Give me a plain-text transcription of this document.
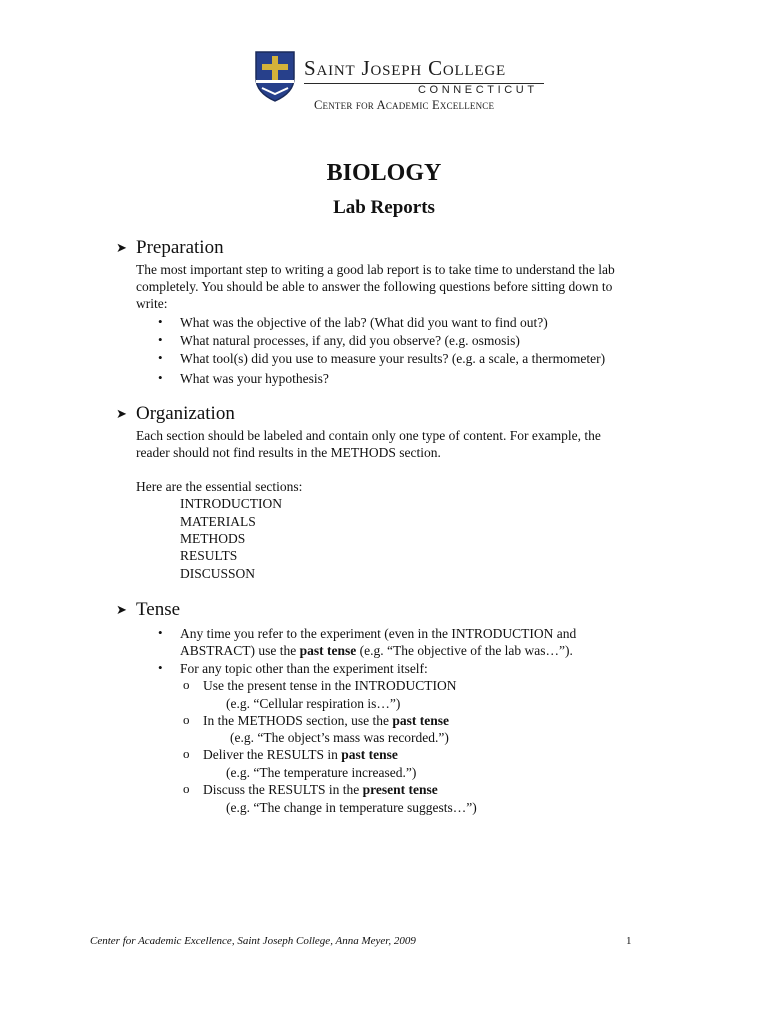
Saint Joseph College
CONNECTICUT
Center for Academic Excellence
BIOLOGY
Lab Reports
➤ Preparation
The most important step to writing a good lab report is to take time to understand the lab
completely. You should be able to answer the following questions before sitting down to
write:
• What was the objective of the lab? (What did you want to find out?)
• What natural processes, if any, did you observe? (e.g. osmosis)
• What tool(s) did you use to measure your results? (e.g. a scale, a thermometer)
• What was your hypothesis?
➤ Organization
Each section should be labeled and contain only one type of content. For example, the
reader should not find results in the METHODS section.
Here are the essential sections:
INTRODUCTION
MATERIALS
METHODS
RESULTS
DISCUSSON
➤ Tense
• Any time you refer to the experiment (even in the INTRODUCTION and
ABSTRACT) use the past tense (e.g. “The objective of the lab was…”).
• For any topic other than the experiment itself:
o Use the present tense in the INTRODUCTION
(e.g. “Cellular respiration is…”)
o In the METHODS section, use the past tense
(e.g. “The object’s mass was recorded.”)
o Deliver the RESULTS in past tense
(e.g. “The temperature increased.”)
o Discuss the RESULTS in the present tense
(e.g. “The change in temperature suggests…”)
Center for Academic Excellence, Saint Joseph College, Anna Meyer, 2009	1
